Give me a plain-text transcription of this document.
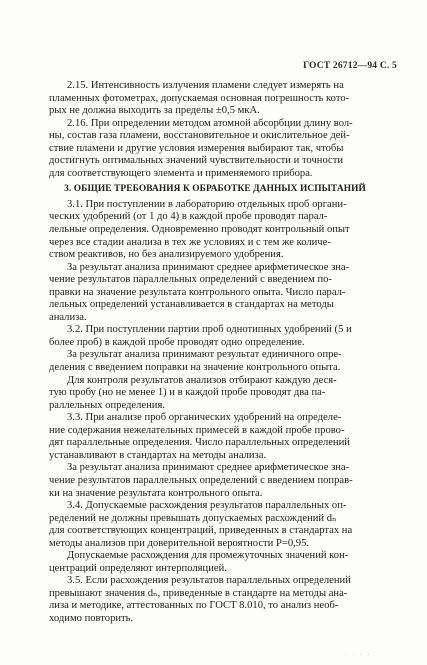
ГОСТ 26712—94 С. 5

2.15. Интенсивность излучения пламени следует измерять на
пламенных фотометрах, допускаемая основная погрешность кото-
рых не должна выходить за пределы ±0,5 мкА.

2.16. При определении методом атомной абсорбции длину вол-
ны, состав газа пламени, восстановительное и окислительное дей-
ствие пламени и другие условия измерения выбирают так, чтобы
достигнуть оптимальных значений чувствительности и точности
для соответствующего элемента и применяемого прибора.

3. ОБЩИЕ ТРЕБОВАНИЯ К ОБРАБОТКЕ ДАННЫХ ИСПЫТАНИЙ

3.1. При поступлении в лабораторию отдельных проб органи-
ческих удобрений (от 1 до 4) в каждой пробе проводят парал-
лельные определения. Одновременно проводят контрольный опыт
через все стадии анализа в тех же условиях и с тем же количе-
ством реактивов, но без анализируемого удобрения.

За результат анализа принимают среднее арифметическое зна-
чение результатов параллельных определений с введением по-
правки на значение результата контрольного опыта. Число парал-
лельных определений устанавливается в стандартах на методы
анализа.

3.2. При поступлении партии проб однотипных удобрений (5 и
более проб) в каждой пробе проводят одно определение.

За результат анализа принимают результат единичного опре-
деления с введением поправки на значение контрольного опыта.

Для контроля результатов анализов отбирают каждую деся-
тую пробу (но не менее 1) и в каждой пробе проводят два па-
раллельных определения.

3.3. При анализе проб органических удобрений на определе-
ние содержания нежелательных примесей в каждой пробе прово-
дят параллельные определения. Число параллельных определений
устанавливают в стандартах на методы анализа.

За результат анализа принимают среднее арифметическое зна-
чение результатов параллельных определений с введением поправ-
ки на значение результата контрольного опыта.

3.4. Допускаемые расхождения результатов параллельных оп-
ределений не должны превышать допускаемых расхождений dₙ
для соответствующих концентраций, приведенных в стандартах на
методы анализов при доверительной вероятности P=0,95.

Допускаемые расхождения для промежуточных значений кон-
центраций определяют интерполяцией.

3.5. Если расхождения результатов параллельных определений
превышают значения dₙ, приведенные в стандарте на методы ана-
лиза и методике, аттестованных по ГОСТ 8.010, то анализ необ-
ходимо повторить.

· · · ·
